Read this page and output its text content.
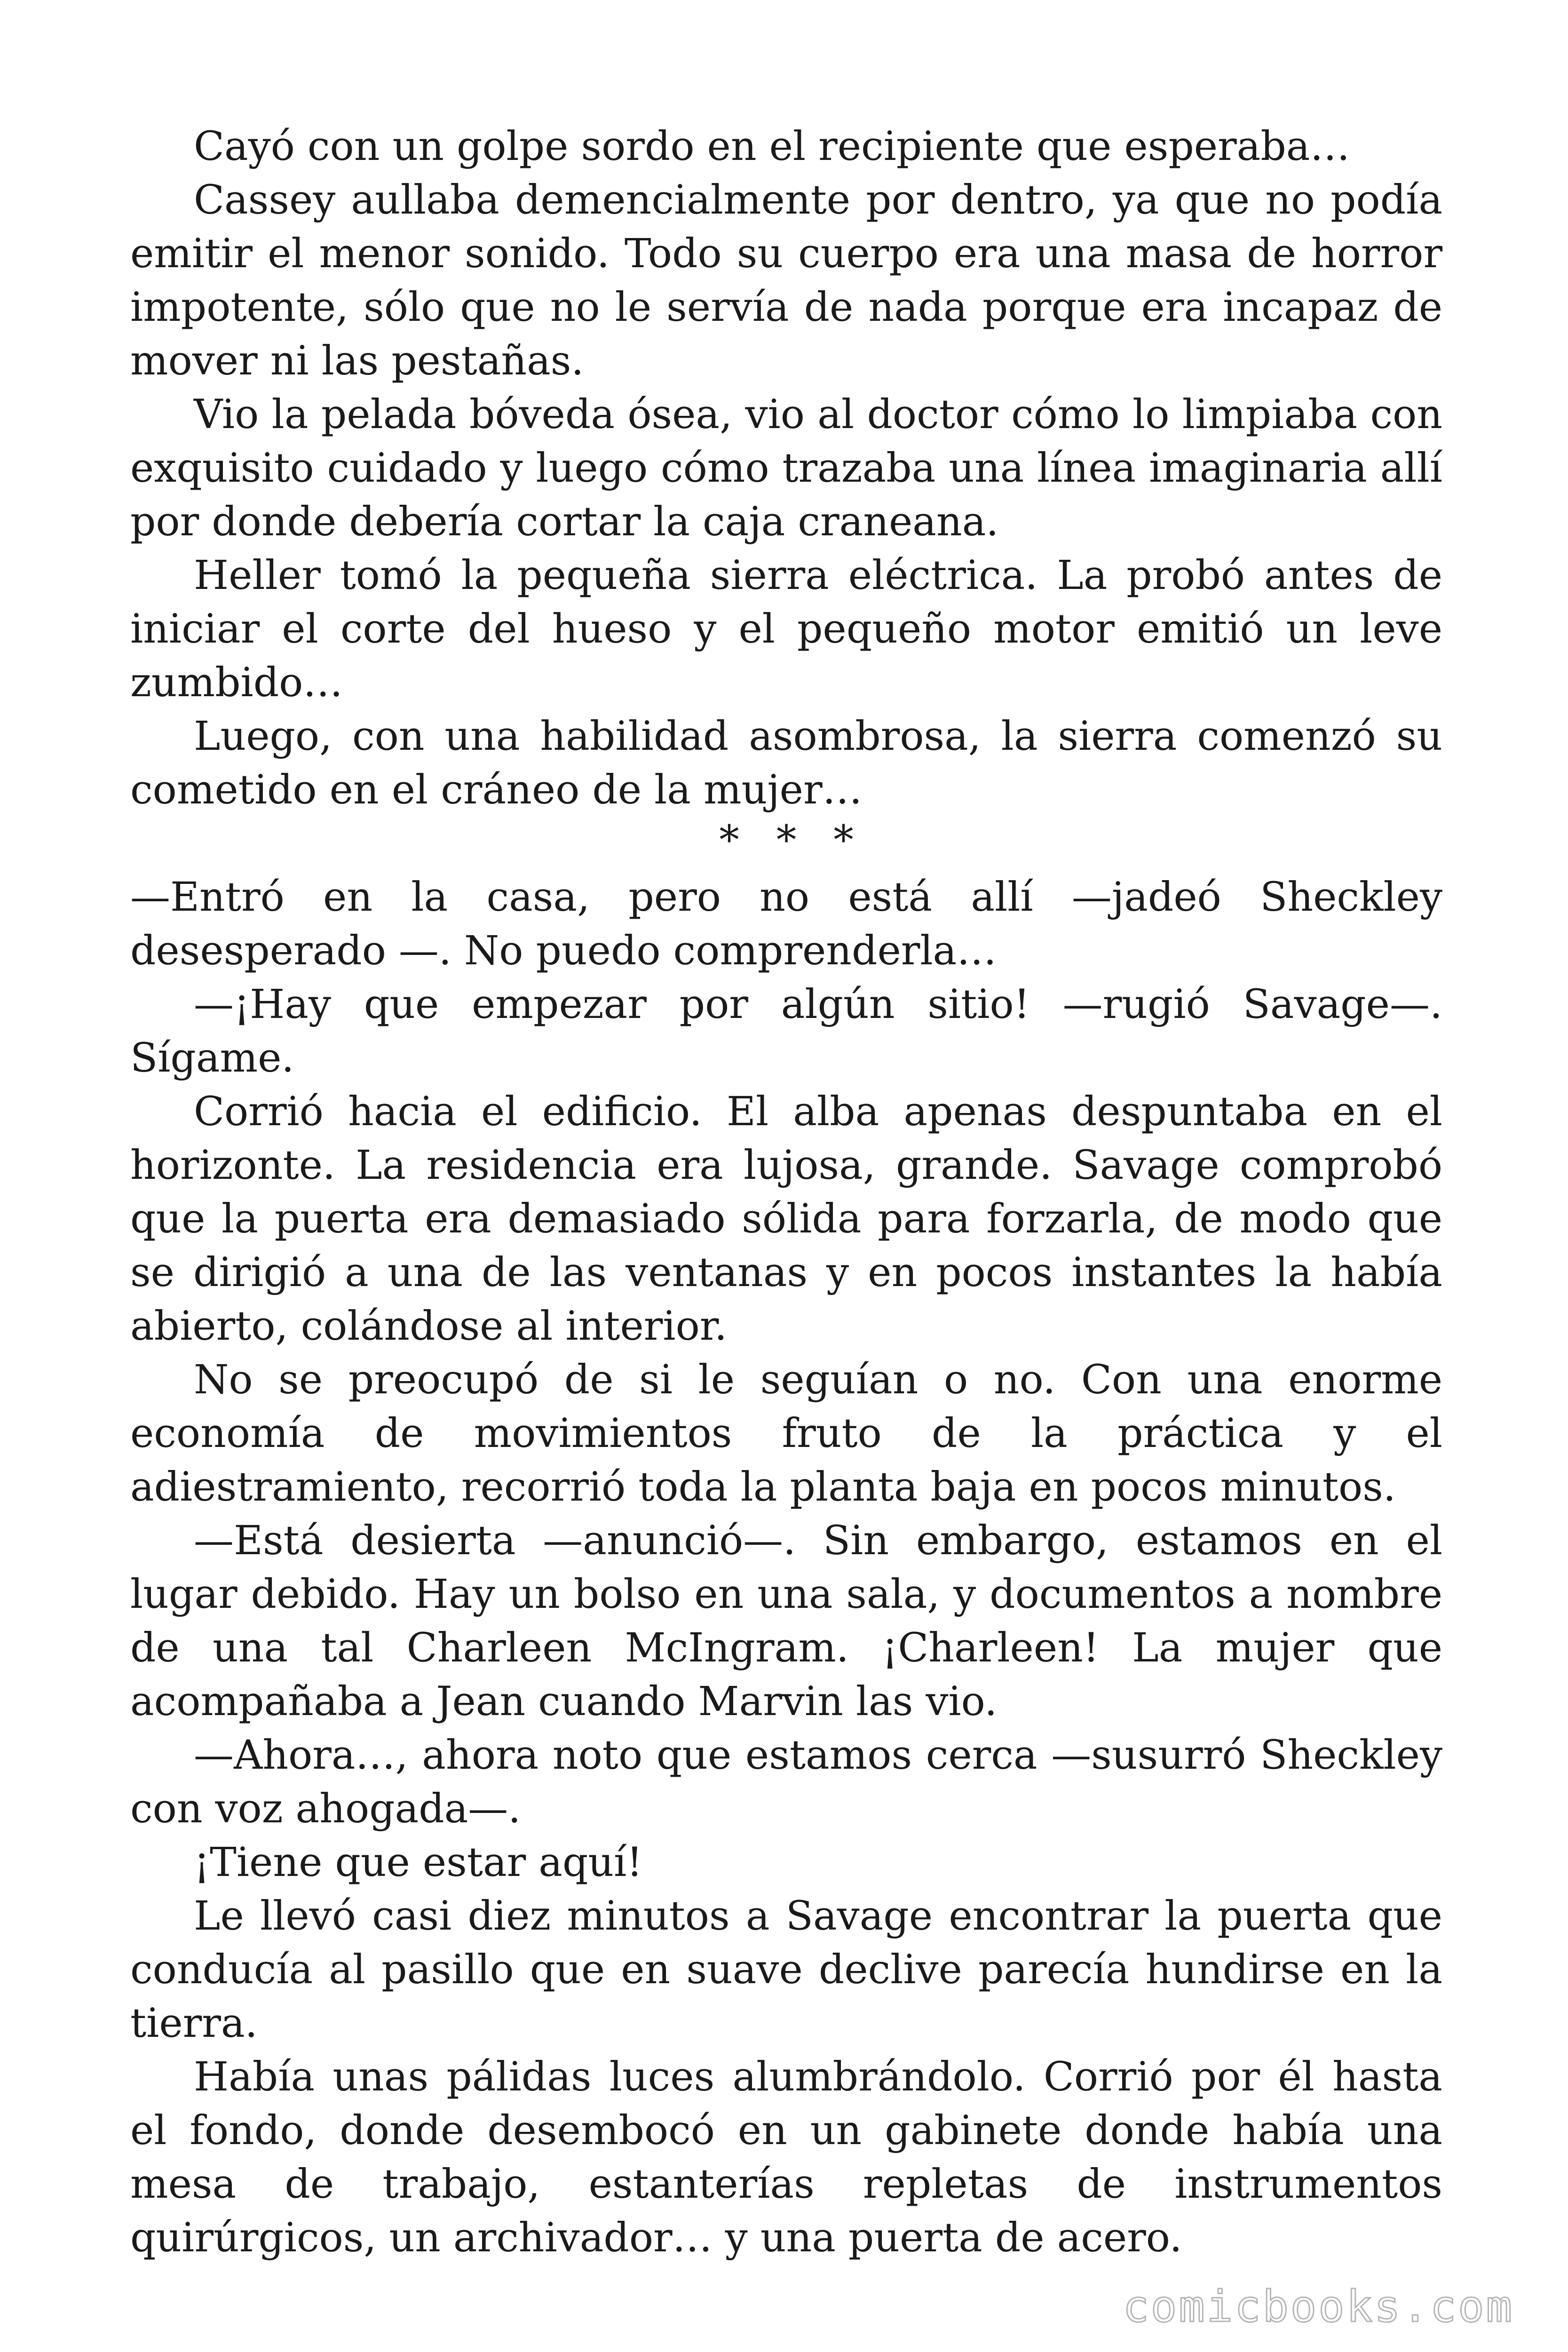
Cayó con un golpe sordo en el recipiente que esperaba…

Cassey aullaba demencialmente por dentro, ya que no podía emitir el menor sonido. Todo su cuerpo era una masa de horror impotente, sólo que no le servía de nada porque era incapaz de mover ni las pestañas.

Vio la pelada bóveda ósea, vio al doctor cómo lo limpiaba con exquisito cuidado y luego cómo trazaba una línea imaginaria allí por donde debería cortar la caja craneana.

Heller tomó la pequeña sierra eléctrica. La probó antes de iniciar el corte del hueso y el pequeño motor emitió un leve zumbido…

Luego, con una habilidad asombrosa, la sierra comenzó su cometido en el cráneo de la mujer…

* * *

—Entró en la casa, pero no está allí —jadeó Sheckley desesperado —. No puedo comprenderla…

—¡Hay que empezar por algún sitio! —rugió Savage—. Sígame.

Corrió hacia el edificio. El alba apenas despuntaba en el horizonte. La residencia era lujosa, grande. Savage comprobó que la puerta era demasiado sólida para forzarla, de modo que se dirigió a una de las ventanas y en pocos instantes la había abierto, colándose al interior.

No se preocupó de si le seguían o no. Con una enorme economía de movimientos fruto de la práctica y el adiestramiento, recorrió toda la planta baja en pocos minutos.

—Está desierta —anunció—. Sin embargo, estamos en el lugar debido. Hay un bolso en una sala, y documentos a nombre de una tal Charleen McIngram. ¡Charleen! La mujer que acompañaba a Jean cuando Marvin las vio.

—Ahora…, ahora noto que estamos cerca —susurró Sheckley con voz ahogada—.

¡Tiene que estar aquí!

Le llevó casi diez minutos a Savage encontrar la puerta que conducía al pasillo que en suave declive parecía hundirse en la tierra.

Había unas pálidas luces alumbrándolo. Corrió por él hasta el fondo, donde desembocó en un gabinete donde había una mesa de trabajo, estanterías repletas de instrumentos quirúrgicos, un archivador… y una puerta de acero.

comicbooks.com
